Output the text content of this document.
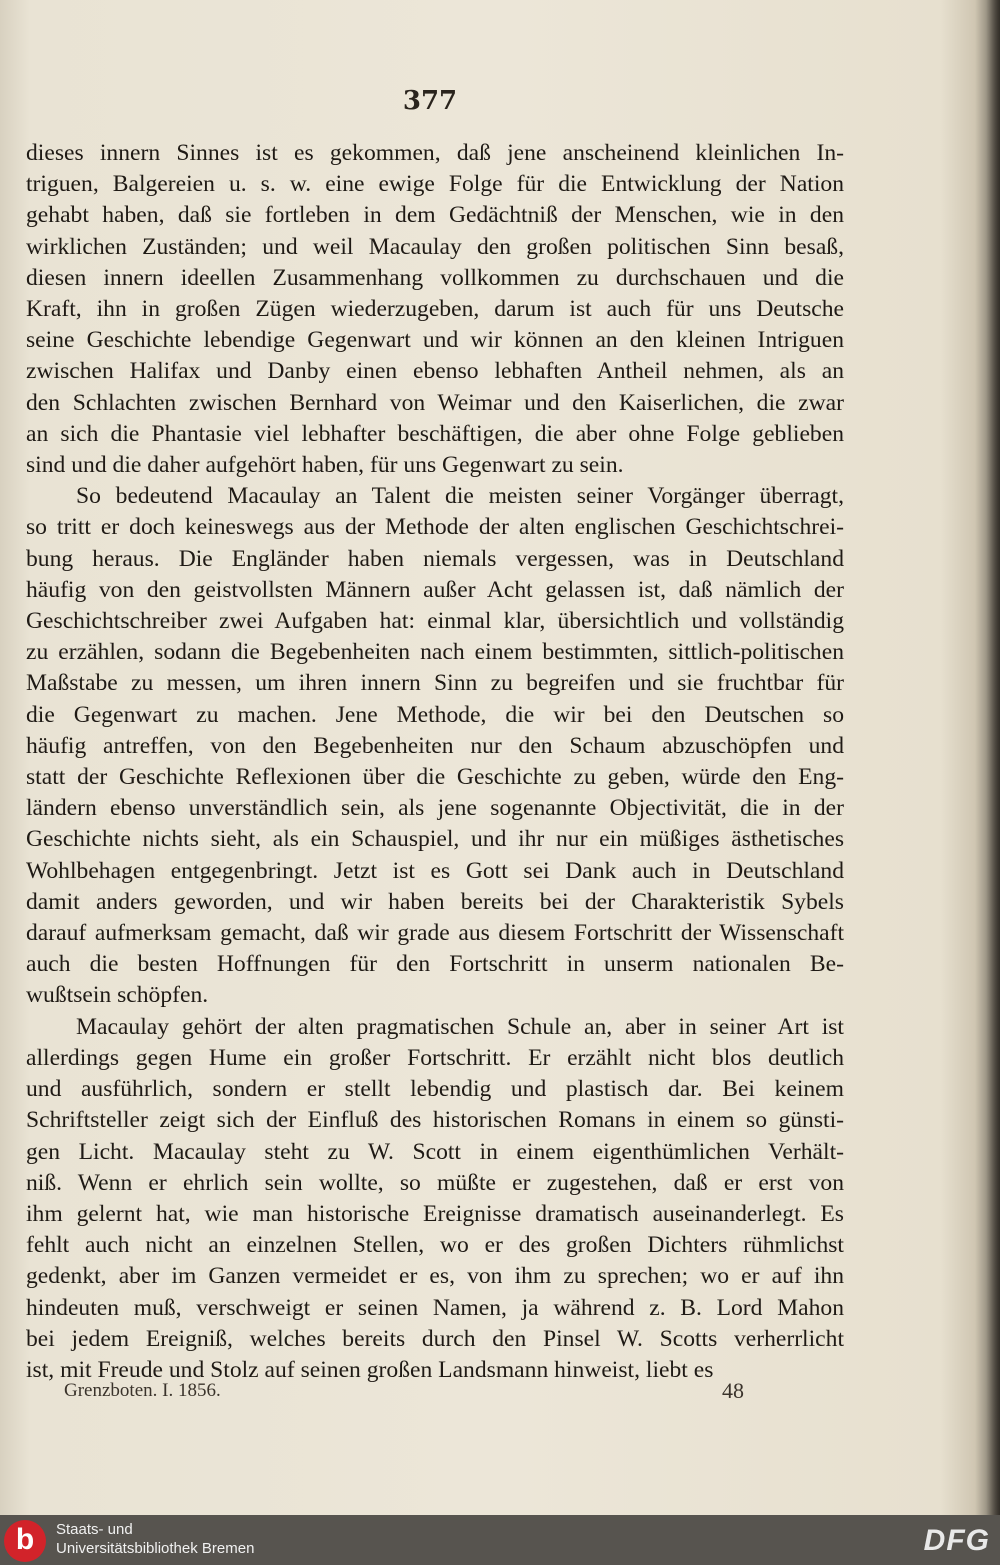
377

dieses innern Sinnes ist es gekommen, daß jene anscheinend kleinlichen In-

triguen, Balgereien u. s. w. eine ewige Folge für die Entwicklung der Nation

gehabt haben, daß sie fortleben in dem Gedächtniß der Menschen, wie in den

wirklichen Zuständen; und weil Macaulay den großen politischen Sinn besaß,

diesen innern ideellen Zusammenhang vollkommen zu durchschauen und die

Kraft, ihn in großen Zügen wiederzugeben, darum ist auch für uns Deutsche

seine Geschichte lebendige Gegenwart und wir können an den kleinen Intriguen

zwischen Halifax und Danby einen ebenso lebhaften Antheil nehmen, als an

den Schlachten zwischen Bernhard von Weimar und den Kaiserlichen, die zwar

an sich die Phantasie viel lebhafter beschäftigen, die aber ohne Folge geblieben

sind und die daher aufgehört haben, für uns Gegenwart zu sein.

So bedeutend Macaulay an Talent die meisten seiner Vorgänger überragt,

so tritt er doch keineswegs aus der Methode der alten englischen Geschichtschrei-

bung heraus. Die Engländer haben niemals vergessen, was in Deutschland

häufig von den geistvollsten Männern außer Acht gelassen ist, daß nämlich der

Geschichtschreiber zwei Aufgaben hat: einmal klar, übersichtlich und vollständig

zu erzählen, sodann die Begebenheiten nach einem bestimmten, sittlich-politischen

Maßstabe zu messen, um ihren innern Sinn zu begreifen und sie fruchtbar für

die Gegenwart zu machen. Jene Methode, die wir bei den Deutschen so

häufig antreffen, von den Begebenheiten nur den Schaum abzuschöpfen und

statt der Geschichte Reflexionen über die Geschichte zu geben, würde den Eng-

ländern ebenso unverständlich sein, als jene sogenannte Objectivität, die in der

Geschichte nichts sieht, als ein Schauspiel, und ihr nur ein müßiges ästhetisches

Wohlbehagen entgegenbringt. Jetzt ist es Gott sei Dank auch in Deutschland

damit anders geworden, und wir haben bereits bei der Charakteristik Sybels

darauf aufmerksam gemacht, daß wir grade aus diesem Fortschritt der Wissenschaft

auch die besten Hoffnungen für den Fortschritt in unserm nationalen Be-

wußtsein schöpfen.

Macaulay gehört der alten pragmatischen Schule an, aber in seiner Art ist

allerdings gegen Hume ein großer Fortschritt. Er erzählt nicht blos deutlich

und ausführlich, sondern er stellt lebendig und plastisch dar. Bei keinem

Schriftsteller zeigt sich der Einfluß des historischen Romans in einem so günsti-

gen Licht. Macaulay steht zu W. Scott in einem eigenthümlichen Verhält-

niß. Wenn er ehrlich sein wollte, so müßte er zugestehen, daß er erst von

ihm gelernt hat, wie man historische Ereignisse dramatisch auseinanderlegt. Es

fehlt auch nicht an einzelnen Stellen, wo er des großen Dichters rühmlichst

gedenkt, aber im Ganzen vermeidet er es, von ihm zu sprechen; wo er auf ihn

hindeuten muß, verschweigt er seinen Namen, ja während z. B. Lord Mahon

bei jedem Ereigniß, welches bereits durch den Pinsel W. Scotts verherrlicht

ist, mit Freude und Stolz auf seinen großen Landsmann hinweist, liebt es

Grenzboten. I. 1856.	48
b	Staats- und
Universitätsbibliothek Bremen	DFG
